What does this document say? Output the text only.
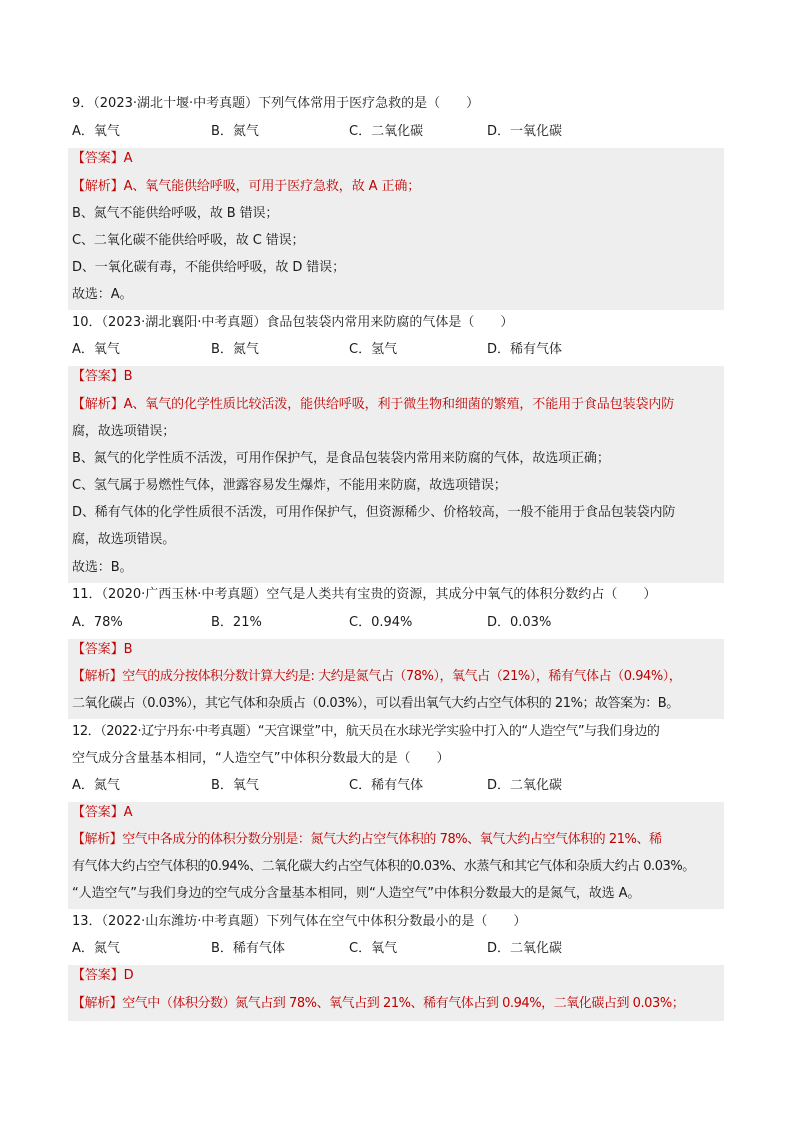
9．（2023·湖北十堰·中考真题）下列气体常用于医疗急救的是（　　）
A．氧气	B．氮气	C．二氧化碳	D．一氧化碳
【答案】A
【解析】A、氧气能供给呼吸，可用于医疗急救，故 A 正确；
B、氮气不能供给呼吸，故 B 错误；
C、二氧化碳不能供给呼吸，故 C 错误；
D、一氧化碳有毒，不能供给呼吸，故 D 错误；
故选：A。
10．（2023·湖北襄阳·中考真题）食品包装袋内常用来防腐的气体是（　　）
A．氧气	B．氮气	C．氢气	D．稀有气体
【答案】B
【解析】A、氧气的化学性质比较活泼，能供给呼吸，利于微生物和细菌的繁殖，不能用于食品包装袋内防
腐，故选项错误；
B、氮气的化学性质不活泼，可用作保护气，是食品包装袋内常用来防腐的气体，故选项正确；
C、氢气属于易燃性气体，泄露容易发生爆炸，不能用来防腐，故选项错误；
D、稀有气体的化学性质很不活泼，可用作保护气，但资源稀少、价格较高，一般不能用于食品包装袋内防
腐，故选项错误。
故选：B。
11．（2020·广西玉林·中考真题）空气是人类共有宝贵的资源，其成分中氧气的体积分数约占（　　）
A．78%	B．21%	C．0.94%	D．0.03%
【答案】B
【解析】空气的成分按体积分数计算大约是: 大约是氮气占（78%），氧气占（21%），稀有气体占（0.94%），
二氧化碳占（0.03%），其它气体和杂质占（0.03%），可以看出氧气大约占空气体积的 21%；故答案为：B。
12．（2022·辽宁丹东·中考真题）“天宫课堂”中，航天员在水球光学实验中打入的“人造空气”与我们身边的
空气成分含量基本相同，“人造空气”中体积分数最大的是（　　）
A．氮气	B．氧气	C．稀有气体	D．二氧化碳
【答案】A
【解析】空气中各成分的体积分数分别是：氮气大约占空气体积的 78%、氧气大约占空气体积的 21%、稀
有气体大约占空气体积的0.94%、二氧化碳大约占空气体积的0.03%、水蒸气和其它气体和杂质大约占 0.03%。
“人造空气”与我们身边的空气成分含量基本相同，则“人造空气”中体积分数最大的是氮气，故选 A。
13．（2022·山东潍坊·中考真题）下列气体在空气中体积分数最小的是（　　）
A．氮气	B．稀有气体	C．氧气	D．二氧化碳
【答案】D
【解析】空气中（体积分数）氮气占到 78%、氧气占到 21%、稀有气体占到 0.94%，二氧化碳占到 0.03%；
